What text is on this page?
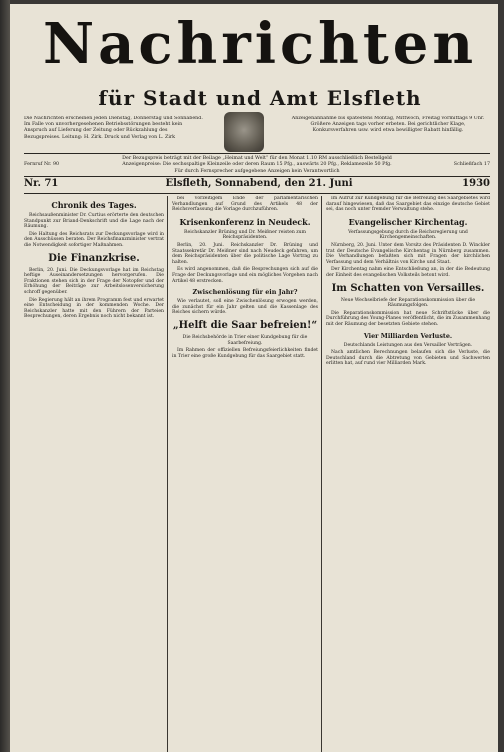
Nachrichten
für Stadt und Amt Elsfleth
Die Nachrichten erscheinen jeden Dienstag, Donnerstag und Sonnabend. Im Falle von unvorhergesehenen Betriebsstörungen besteht kein Anspruch auf Lieferung der Zeitung oder Rückzahlung des Bezugspreises. Leitung: H. Zirk. Druck und Verlag von L. Zirk
Anzeigenannahme bis spätestens Montag, Mittwoch, Freitag vormittags 9 Uhr. Größere Anzeigen tags vorher erbeten. Bei gerichtlicher Klage, Konkursverfahren usw. wird etwa bewilligter Rabatt hinfällig.
Der Bezugspreis beträgt mit der Beilage „Heimat und Welt“ für den Monat 1.10 RM ausschließlich Bestellgeld
Anzeigenpreise: Die sechsspaltige Kleinzeile oder deren Raum 15 Pfg., auswärts 20 Pfg., Reklamezeile 50 Pfg.
Für durch Fernsprecher aufgegebene Anzeigen kein Verantwortlich
Fernruf Nr. 90	Schließfach 17
Nr. 71	Elsfleth, Sonnabend, den 21. Juni	1930
Chronik des Tages.

Reichsaußenminister Dr. Curtius erörterte den deutschen Standpunkt zur Briand-Denkschrift und die Lage nach der Räumung.

Die Haltung des Reichsrats zur Deckungsvorlage wird in den Ausschüssen beraten. Der Reichsfinanzminister vertrat die Notwendigkeit sofortiger Maßnahmen.

Die Finanzkrise.

Berlin, 20. Juni. Die Deckungsvorlage hat im Reichstag heftige Auseinandersetzungen hervorgerufen. Die Fraktionen stehen sich in der Frage der Notopfer und der Erhöhung der Beiträge zur Arbeitslosenversicherung schroff gegenüber.

Die Regierung hält an ihrem Programm fest und erwartet eine Entscheidung in der kommenden Woche. Der Reichskanzler hatte mit den Führern der Parteien Besprechungen, deren Ergebnis noch nicht bekannt ist.

bei vorzeitigem Ende der parlamentarischen Verhandlungen auf Grund des Artikels 48 der Reichsverfassung die Vorlage durchzuführen.

Krisenkonferenz in Neudeck.
Reichskanzler Brüning und Dr. Meißner reisten zum Reichspräsidenten.

Berlin, 20. Juni. Reichskanzler Dr. Brüning und Staatssekretär Dr. Meißner sind nach Neudeck gefahren, um dem Reichspräsidenten über die politische Lage Vortrag zu halten.

Es wird angenommen, daß die Besprechungen sich auf die Frage der Deckungsvorlage und ein mögliches Vorgehen nach Artikel 48 erstrecken.

Zwischenlösung für ein Jahr?

Wie verlautet, soll eine Zwischenlösung erwogen werden, die zunächst für ein Jahr gelten und die Kassenlage des Reiches sichern würde.

„Helft die Saar befreien!“
Die Reichsbehörde in Trier einer Kundgebung für die Saarbefreiung.

Im Rahmen der offiziellen Befreiungsfeierlichkeiten findet in Trier eine große Kundgebung für das Saargebiet statt.

Im Aufruf zur Kundgebung für die Befreiung des Saargebietes wird darauf hingewiesen, daß das Saargebiet das einzige deutsche Gebiet sei, das noch unter fremder Verwaltung stehe.

Evangelischer Kirchentag.
Verfassungsgebung durch die Reichsregierung und Kirchengemeinschaften.

Nürnberg, 20. Juni. Unter dem Vorsitz des Präsidenten D. Winckler trat der Deutsche Evangelische Kirchentag in Nürnberg zusammen. Die Verhandlungen befaßten sich mit Fragen der kirchlichen Verfassung und dem Verhältnis von Kirche und Staat.

Der Kirchentag nahm eine Entschließung an, in der die Bedeutung der Einheit des evangelischen Volksteils betont wird.

Im Schatten von Versailles.
Neue Wechselbriefe der Reparationskommission über die Räumungsfolgen.

Die Reparationskommission hat neue Schriftstücke über die Durchführung des Young-Planes veröffentlicht, die im Zusammenhang mit der Räumung der besetzten Gebiete stehen.

Vier Milliarden Verluste.
Deutschlands Leistungen aus den Versailler Verträgen.

Nach amtlichen Berechnungen belaufen sich die Verluste, die Deutschland durch die Abtretung von Gebieten und Sachwerten erlitten hat, auf rund vier Milliarden Mark.
